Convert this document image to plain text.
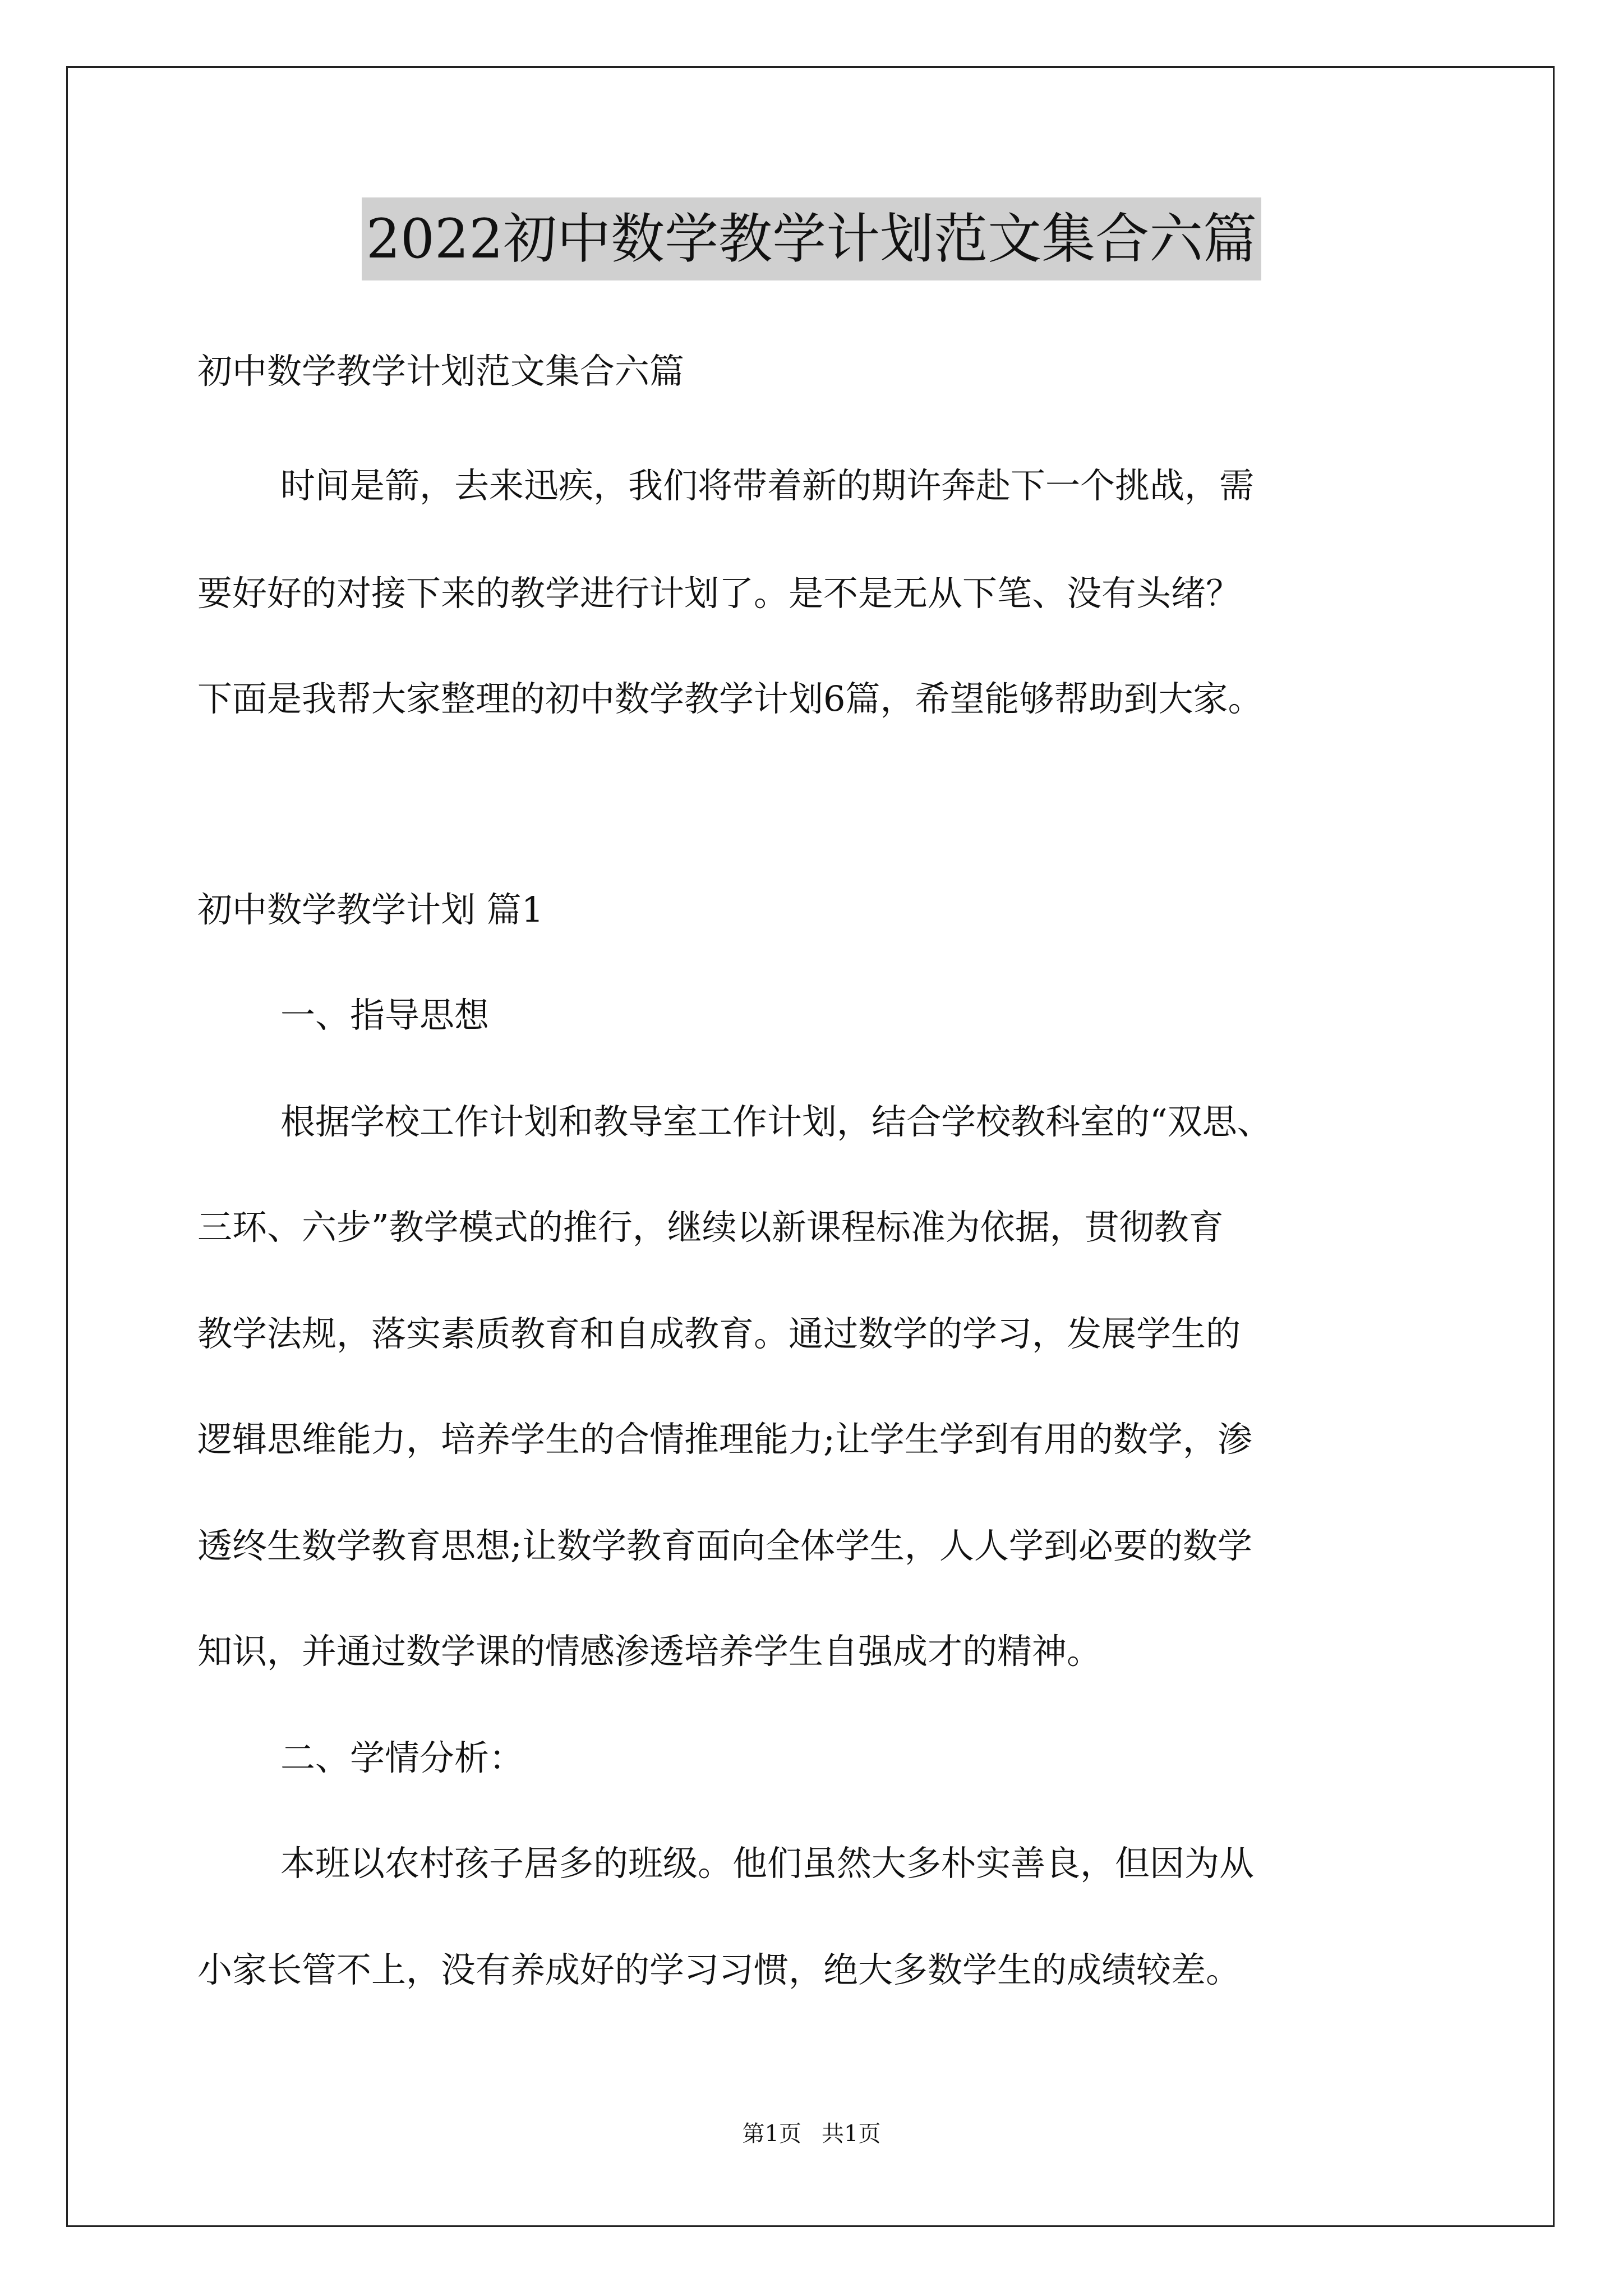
2022初中数学教学计划范文集合六篇
初中数学教学计划范文集合六篇
时间是箭，去来迅疾，我们将带着新的期许奔赴下一个挑战，需
要好好的对接下来的教学进行计划了。是不是无从下笔、没有头绪？
下面是我帮大家整理的初中数学教学计划6篇，希望能够帮助到大家。
初中数学教学计划 篇1
一、指导思想
根据学校工作计划和教导室工作计划，结合学校教科室的“双思、
三环、六步”教学模式的推行，继续以新课程标准为依据，贯彻教育
教学法规，落实素质教育和自成教育。通过数学的学习，发展学生的
逻辑思维能力，培养学生的合情推理能力;让学生学到有用的数学，渗
透终生数学教育思想;让数学教育面向全体学生，人人学到必要的数学
知识，并通过数学课的情感渗透培养学生自强成才的精神。
二、学情分析：
本班以农村孩子居多的班级。他们虽然大多朴实善良，但因为从
小家长管不上，没有养成好的学习习惯，绝大多数学生的成绩较差。
第1页 共1页
